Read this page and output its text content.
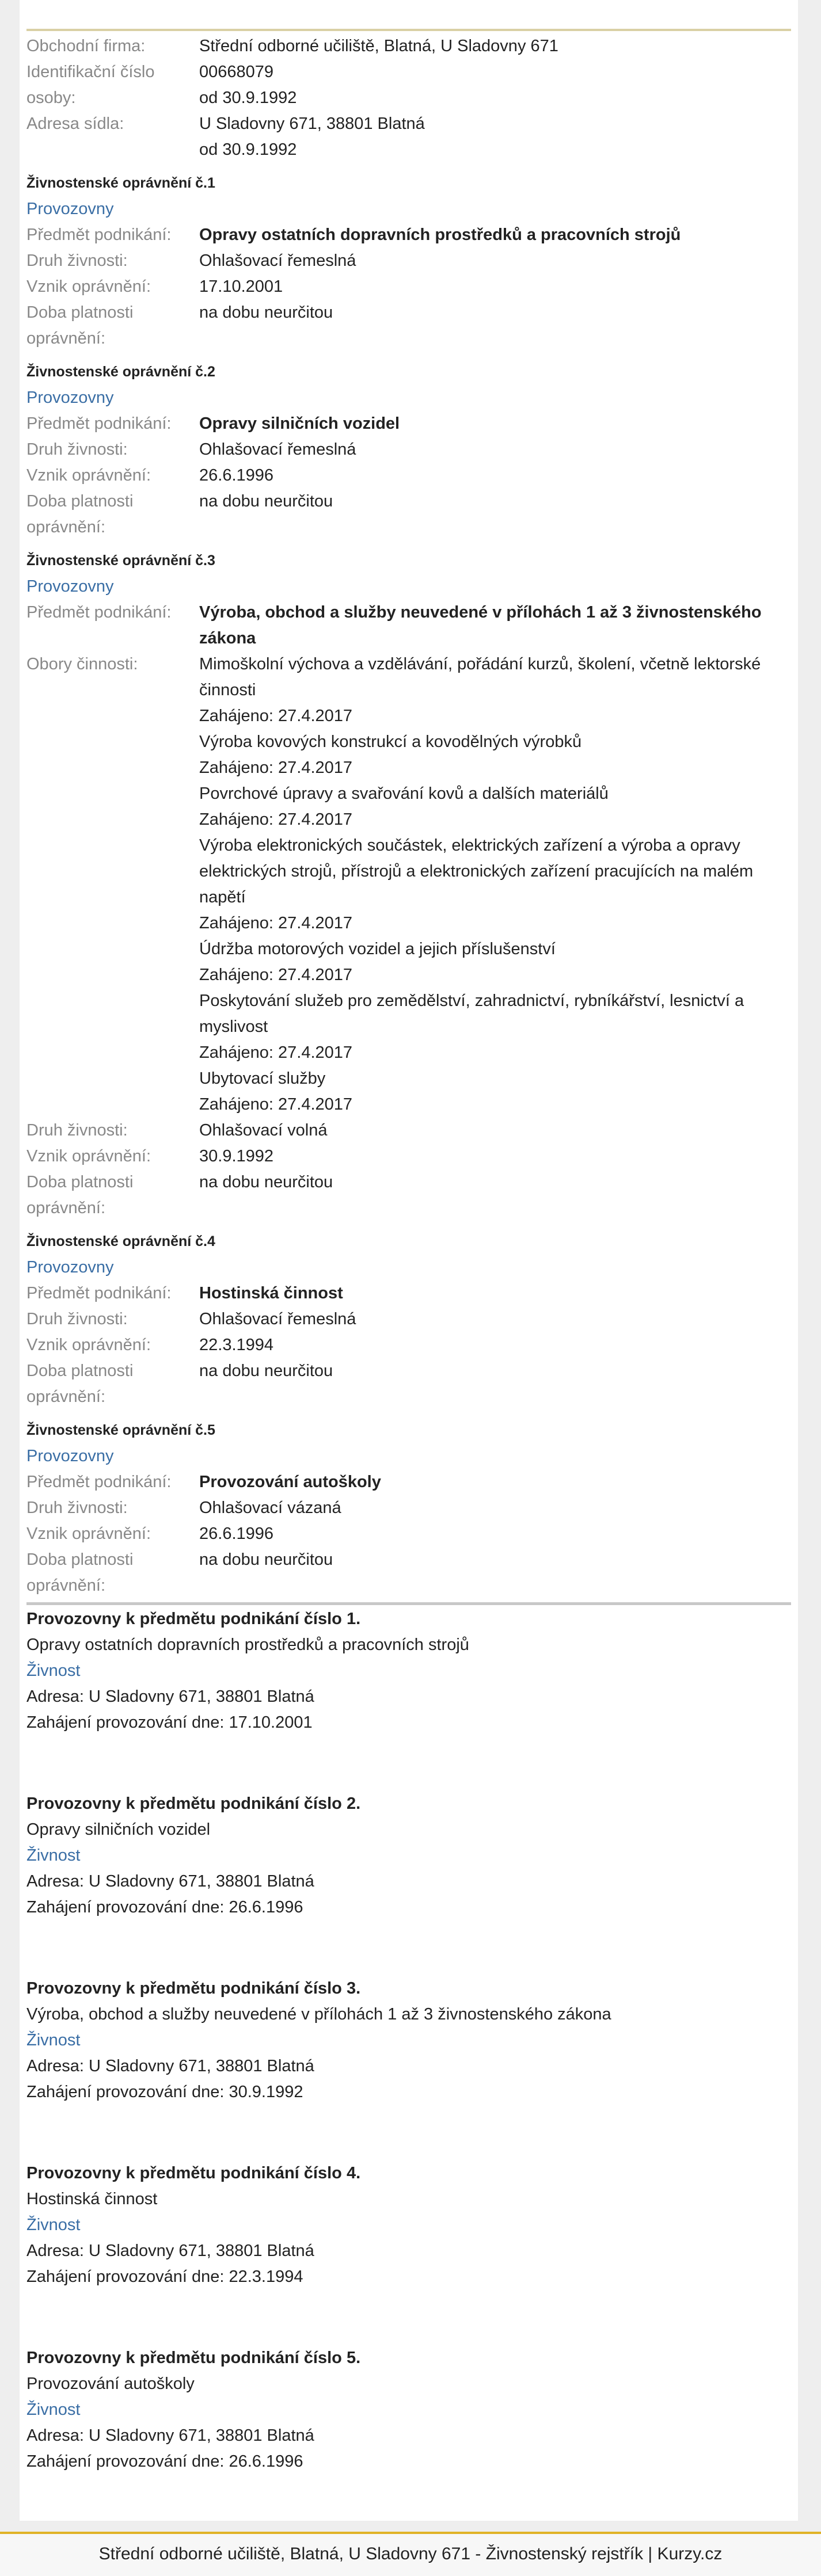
Obchodní firma:	Střední odborné učiliště, Blatná, U Sladovny 671
Identifikační číslo	00668079
osoby:	od 30.9.1992
Adresa sídla:	U Sladovny 671, 38801 Blatná
od 30.9.1992
Živnostenské oprávnění č.1
Provozovny
Předmět podnikání:	Opravy ostatních dopravních prostředků a pracovních strojů
Druh živnosti:	Ohlašovací řemeslná
Vznik oprávnění:	17.10.2001
Doba platnosti	na dobu neurčitou
oprávnění:
Živnostenské oprávnění č.2
Provozovny
Předmět podnikání:	Opravy silničních vozidel
Druh živnosti:	Ohlašovací řemeslná
Vznik oprávnění:	26.6.1996
Doba platnosti	na dobu neurčitou
oprávnění:
Živnostenské oprávnění č.3
Provozovny
Předmět podnikání:	Výroba, obchod a služby neuvedené v přílohách 1 až 3 živnostenského zákona
Obory činnosti:	Mimoškolní výchova a vzdělávání, pořádání kurzů, školení, včetně lektorské činnosti
Zahájeno: 27.4.2017
Výroba kovových konstrukcí a kovodělných výrobků
Zahájeno: 27.4.2017
Povrchové úpravy a svařování kovů a dalších materiálů
Zahájeno: 27.4.2017
Výroba elektronických součástek, elektrických zařízení a výroba a opravy elektrických strojů, přístrojů a elektronických zařízení pracujících na malém napětí
Zahájeno: 27.4.2017
Údržba motorových vozidel a jejich příslušenství
Zahájeno: 27.4.2017
Poskytování služeb pro zemědělství, zahradnictví, rybníkářství, lesnictví a myslivost
Zahájeno: 27.4.2017
Ubytovací služby
Zahájeno: 27.4.2017
Druh živnosti:	Ohlašovací volná
Vznik oprávnění:	30.9.1992
Doba platnosti	na dobu neurčitou
oprávnění:
Živnostenské oprávnění č.4
Provozovny
Předmět podnikání:	Hostinská činnost
Druh živnosti:	Ohlašovací řemeslná
Vznik oprávnění:	22.3.1994
Doba platnosti	na dobu neurčitou
oprávnění:
Živnostenské oprávnění č.5
Provozovny
Předmět podnikání:	Provozování autoškoly
Druh živnosti:	Ohlašovací vázaná
Vznik oprávnění:	26.6.1996
Doba platnosti	na dobu neurčitou
oprávnění:
Provozovny k předmětu podnikání číslo 1.
Opravy ostatních dopravních prostředků a pracovních strojů
Živnost
Adresa: U Sladovny 671, 38801 Blatná
Zahájení provozování dne: 17.10.2001
Provozovny k předmětu podnikání číslo 2.
Opravy silničních vozidel
Živnost
Adresa: U Sladovny 671, 38801 Blatná
Zahájení provozování dne: 26.6.1996
Provozovny k předmětu podnikání číslo 3.
Výroba, obchod a služby neuvedené v přílohách 1 až 3 živnostenského zákona
Živnost
Adresa: U Sladovny 671, 38801 Blatná
Zahájení provozování dne: 30.9.1992
Provozovny k předmětu podnikání číslo 4.
Hostinská činnost
Živnost
Adresa: U Sladovny 671, 38801 Blatná
Zahájení provozování dne: 22.3.1994
Provozovny k předmětu podnikání číslo 5.
Provozování autoškoly
Živnost
Adresa: U Sladovny 671, 38801 Blatná
Zahájení provozování dne: 26.6.1996
Střední odborné učiliště, Blatná, U Sladovny 671 - Živnostenský rejstřík | Kurzy.cz
